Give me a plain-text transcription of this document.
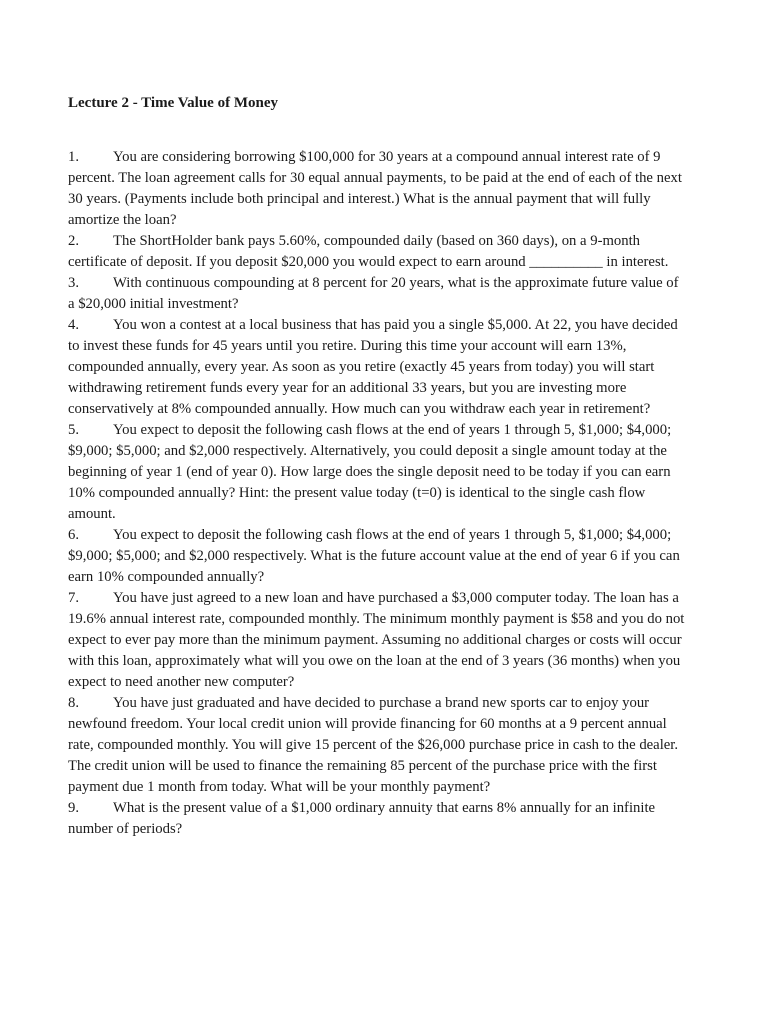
Lecture 2 - Time Value of Money

1. You are considering borrowing $100,000 for 30 years at a compound annual interest rate of 9 percent. The loan agreement calls for 30 equal annual payments, to be paid at the end of each of the next 30 years. (Payments include both principal and interest.) What is the annual payment that will fully amortize the loan?

2. The ShortHolder bank pays 5.60%, compounded daily (based on 360 days), on a 9-month certificate of deposit. If you deposit $20,000 you would expect to earn around __________ in interest.

3. With continuous compounding at 8 percent for 20 years, what is the approximate future value of a $20,000 initial investment?

4. You won a contest at a local business that has paid you a single $5,000. At 22, you have decided to invest these funds for 45 years until you retire. During this time your account will earn 13%, compounded annually, every year. As soon as you retire (exactly 45 years from today) you will start withdrawing retirement funds every year for an additional 33 years, but you are investing more conservatively at 8% compounded annually. How much can you withdraw each year in retirement?

5. You expect to deposit the following cash flows at the end of years 1 through 5, $1,000; $4,000; $9,000; $5,000; and $2,000 respectively. Alternatively, you could deposit a single amount today at the beginning of year 1 (end of year 0). How large does the single deposit need to be today if you can earn 10% compounded annually? Hint: the present value today (t=0) is identical to the single cash flow amount.

6. You expect to deposit the following cash flows at the end of years 1 through 5, $1,000; $4,000; $9,000; $5,000; and $2,000 respectively. What is the future account value at the end of year 6 if you can earn 10% compounded annually?

7. You have just agreed to a new loan and have purchased a $3,000 computer today. The loan has a 19.6% annual interest rate, compounded monthly. The minimum monthly payment is $58 and you do not expect to ever pay more than the minimum payment. Assuming no additional charges or costs will occur with this loan, approximately what will you owe on the loan at the end of 3 years (36 months) when you expect to need another new computer?

8. You have just graduated and have decided to purchase a brand new sports car to enjoy your newfound freedom. Your local credit union will provide financing for 60 months at a 9 percent annual rate, compounded monthly. You will give 15 percent of the $26,000 purchase price in cash to the dealer. The credit union will be used to finance the remaining 85 percent of the purchase price with the first payment due 1 month from today. What will be your monthly payment?

9. What is the present value of a $1,000 ordinary annuity that earns 8% annually for an infinite number of periods?
